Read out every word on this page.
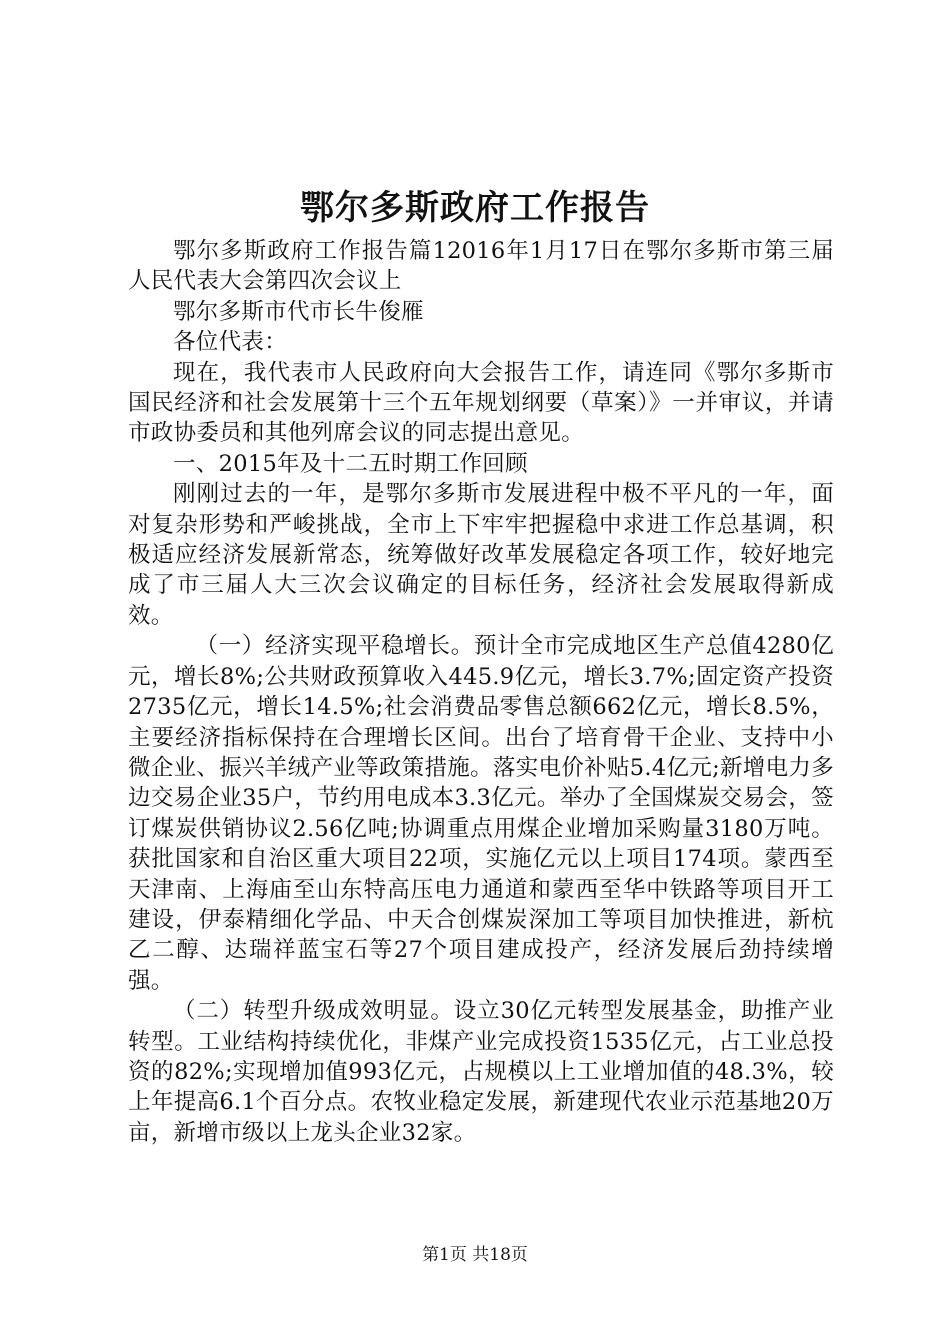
鄂尔多斯政府工作报告

鄂尔多斯政府工作报告篇12016年1月17日在鄂尔多斯市第三届人民代表大会第四次会议上

鄂尔多斯市代市长牛俊雁

各位代表：

现在，我代表市人民政府向大会报告工作，请连同《鄂尔多斯市国民经济和社会发展第十三个五年规划纲要（草案）》一并审议，并请市政协委员和其他列席会议的同志提出意见。

一、2015年及十二五时期工作回顾

刚刚过去的一年，是鄂尔多斯市发展进程中极不平凡的一年，面对复杂形势和严峻挑战，全市上下牢牢把握稳中求进工作总基调，积极适应经济发展新常态，统筹做好改革发展稳定各项工作，较好地完成了市三届人大三次会议确定的目标任务，经济社会发展取得新成效。

（一）经济实现平稳增长。预计全市完成地区生产总值4280亿元，增长8%;公共财政预算收入445.9亿元，增长3.7%;固定资产投资2735亿元，增长14.5%;社会消费品零售总额662亿元，增长8.5%，主要经济指标保持在合理增长区间。出台了培育骨干企业、支持中小微企业、振兴羊绒产业等政策措施。落实电价补贴5.4亿元;新增电力多边交易企业35户，节约用电成本3.3亿元。举办了全国煤炭交易会，签订煤炭供销协议2.56亿吨;协调重点用煤企业增加采购量3180万吨。获批国家和自治区重大项目22项，实施亿元以上项目174项。蒙西至天津南、上海庙至山东特高压电力通道和蒙西至华中铁路等项目开工建设，伊泰精细化学品、中天合创煤炭深加工等项目加快推进，新杭乙二醇、达瑞祥蓝宝石等27个项目建成投产，经济发展后劲持续增强。

（二）转型升级成效明显。设立30亿元转型发展基金，助推产业转型。工业结构持续优化，非煤产业完成投资1535亿元，占工业总投资的82%;实现增加值993亿元，占规模以上工业增加值的48.3%，较上年提高6.1个百分点。农牧业稳定发展，新建现代农业示范基地20万亩，新增市级以上龙头企业32家。

第1页 共18页
